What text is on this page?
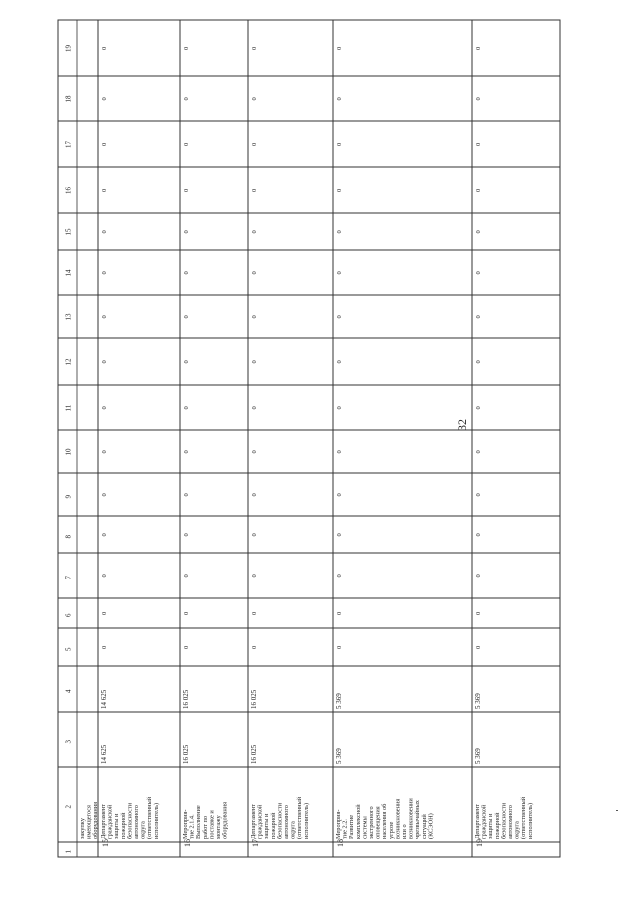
32
1
2
3
4
5
6
7
8
9
10
11
12
13
14
15
16
17
18
19
закупку имеющегося оборудования
15
Департамент гражданской защиты и пожарной безопасности автономного округа (ответственный исполнитель)
14 625
14 625
0
0
0
0
0
0
0
0
0
0
0
0
0
0
0
16
Мероприя- тие 2.1.4. Выполнение работ по поставке и монтажу оборудования
16 025
16 025
0
0
0
0
0
0
0
0
0
0
0
0
0
0
0
17
Департамент гражданской защиты и пожарной безопасности автономного округа (ответственный исполнитель)
16 025
16 025
0
0
0
0
0
0
0
0
0
0
0
0
0
0
0
18
Мероприя- тие 2.2. Развитие комплексной системы экстренного оповещения населения об угрозе возникновения или о возникновении чрезвычайных ситуаций (КСЭОН)
5 369
5 369
0
0
0
0
0
0
0
0
0
0
0
0
0
0
0
19
Департамент гражданской защиты и пожарной безопасности автономного округа (ответственный исполнитель)
5 369
5 369
0
0
0
0
0
0
0
0
0
0
0
0
0
0
0
